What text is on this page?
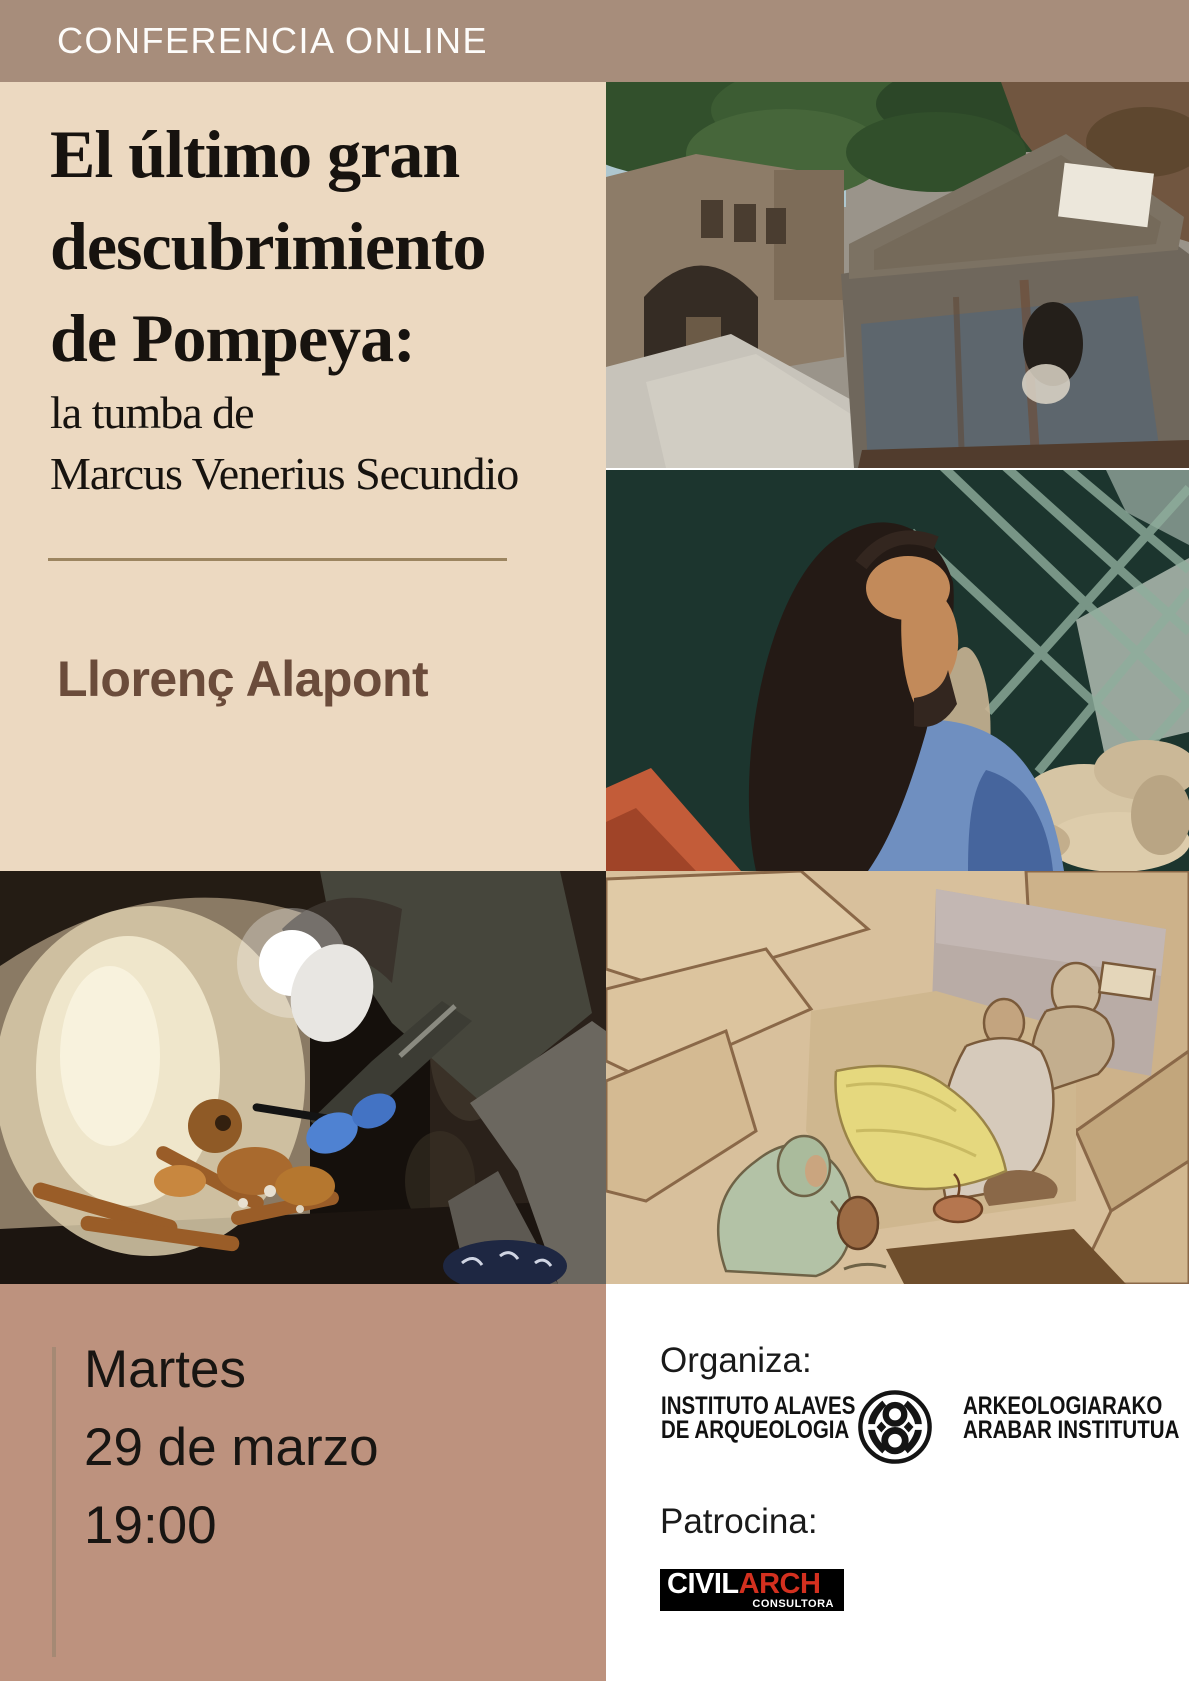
CONFERENCIA ONLINE
El último gran
descubrimiento
de Pompeya:
la tumba de
Marcus Venerius Secundio
Llorenç Alapont

Martes
29 de marzo
19:00

Organiza:

INSTITUTO ALAVES
DE ARQUEOLOGIA
ARKEOLOGIARAKO
ARABAR INSTITUTUA

Patrocina:

CIVILARCH
CONSULTORA
